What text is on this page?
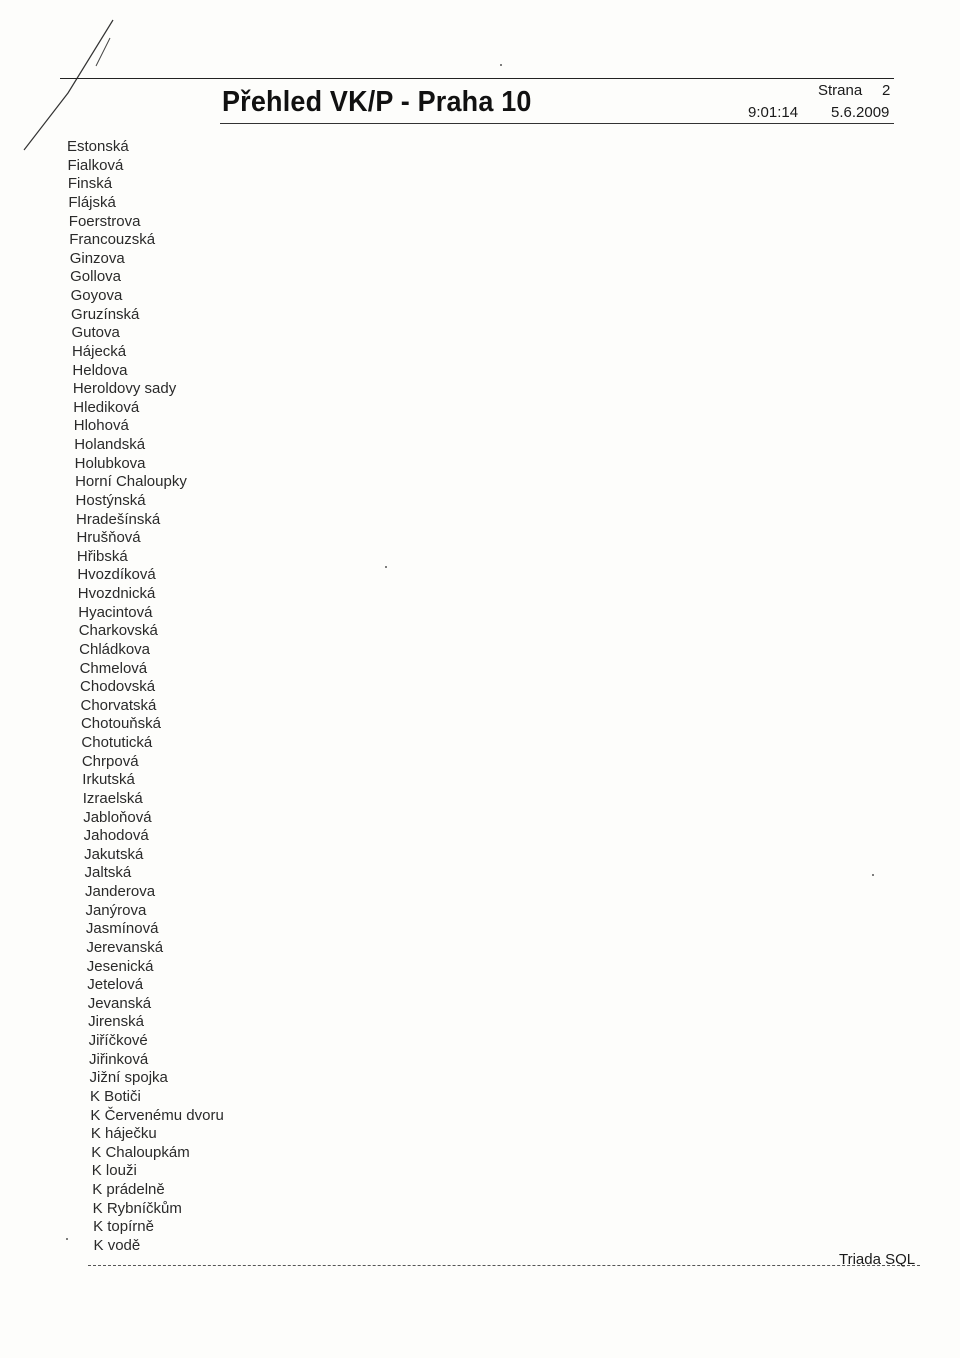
Přehled VK/P - Praha 10	Strana 2
9:01:14 5.6.2009
Estonská
Fialková
Finská
Flájská
Foerstrova
Francouzská
Ginzova
Gollova
Goyova
Gruzínská
Gutova
Hájecká
Heldova
Heroldovy sady
Hlediková
Hlohová
Holandská
Holubkova
Horní Chaloupky
Hostýnská
Hradešínská
Hrušňová
Hřibská
Hvozdíková
Hvozdnická
Hyacintová
Charkovská
Chládkova
Chmelová
Chodovská
Chorvatská
Chotouňská
Chotutická
Chrpová
Irkutská
Izraelská
Jabloňová
Jahodová
Jakutská
Jaltská
Janderova
Janýrova
Jasmínová
Jerevanská
Jesenická
Jetelová
Jevanská
Jirenská
Jiříčkové
Jiřinková
Jižní spojka
K Botiči
K Červenému dvoru
K háječku
K Chaloupkám
K louži
K prádelně
K Rybníčkům
K topírně
K vodě
Triada SQL
